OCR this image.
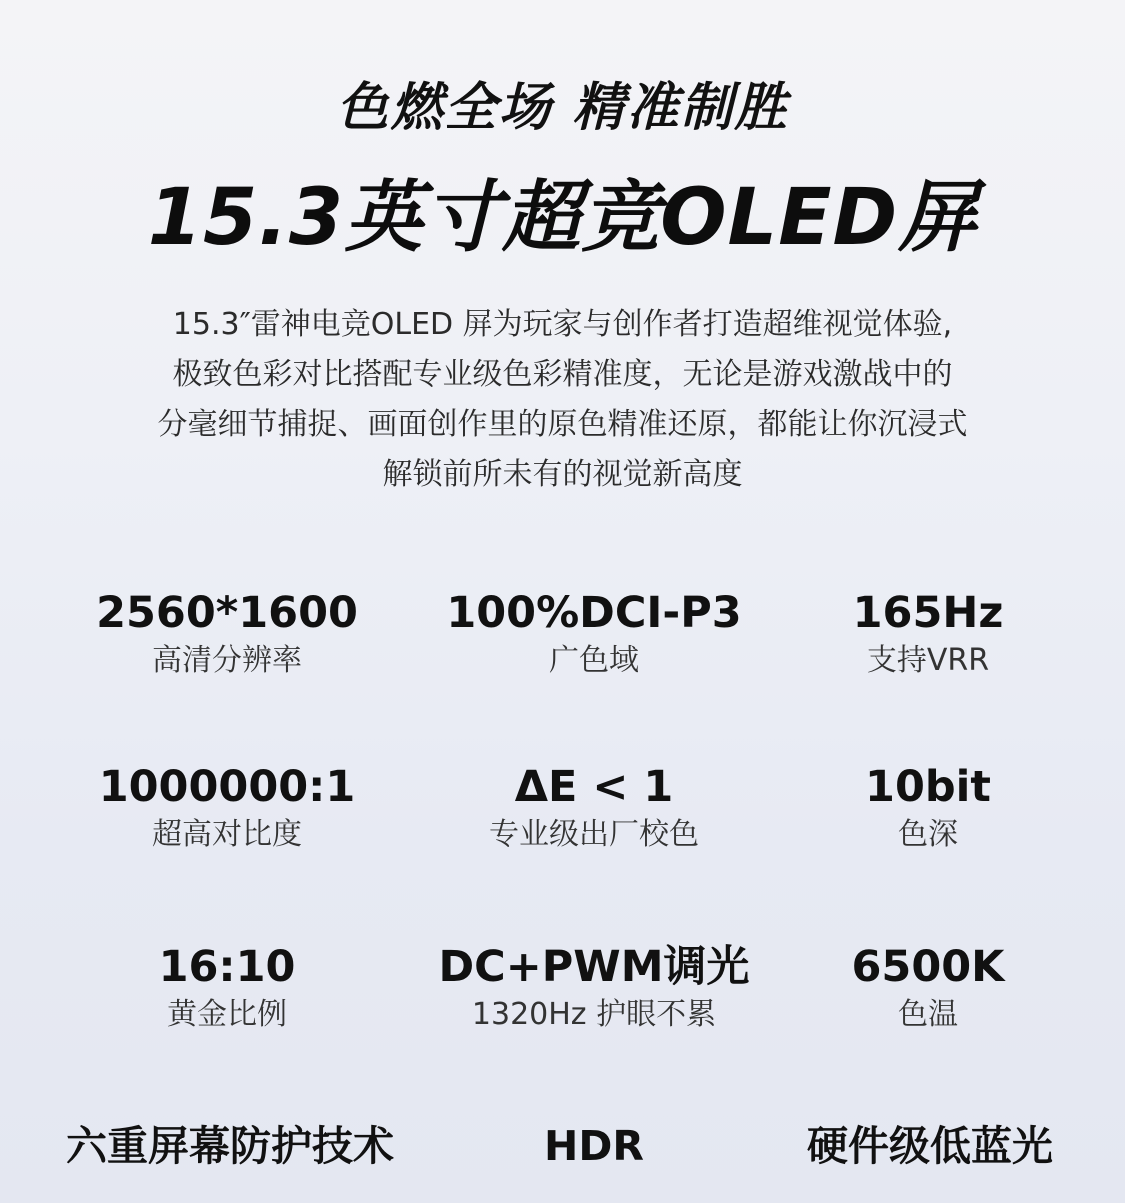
色燃全场 精准制胜
15.3英寸超竞OLED屏
15.3″雷神电竞OLED 屏为玩家与创作者打造超维视觉体验,
极致色彩对比搭配专业级色彩精准度，无论是游戏激战中的
分毫细节捕捉、画面创作里的原色精准还原，都能让你沉浸式
解锁前所未有的视觉新高度
2560*1600
高清分辨率
100%DCI-P3
广色域
165Hz
支持VRR
1000000:1
超高对比度
ΔE < 1
专业级出厂校色
10bit
色深
16:10
黄金比例
DC+PWM调光
1320Hz 护眼不累
6500K
色温
六重屏幕防护技术	HDR	硬件级低蓝光
